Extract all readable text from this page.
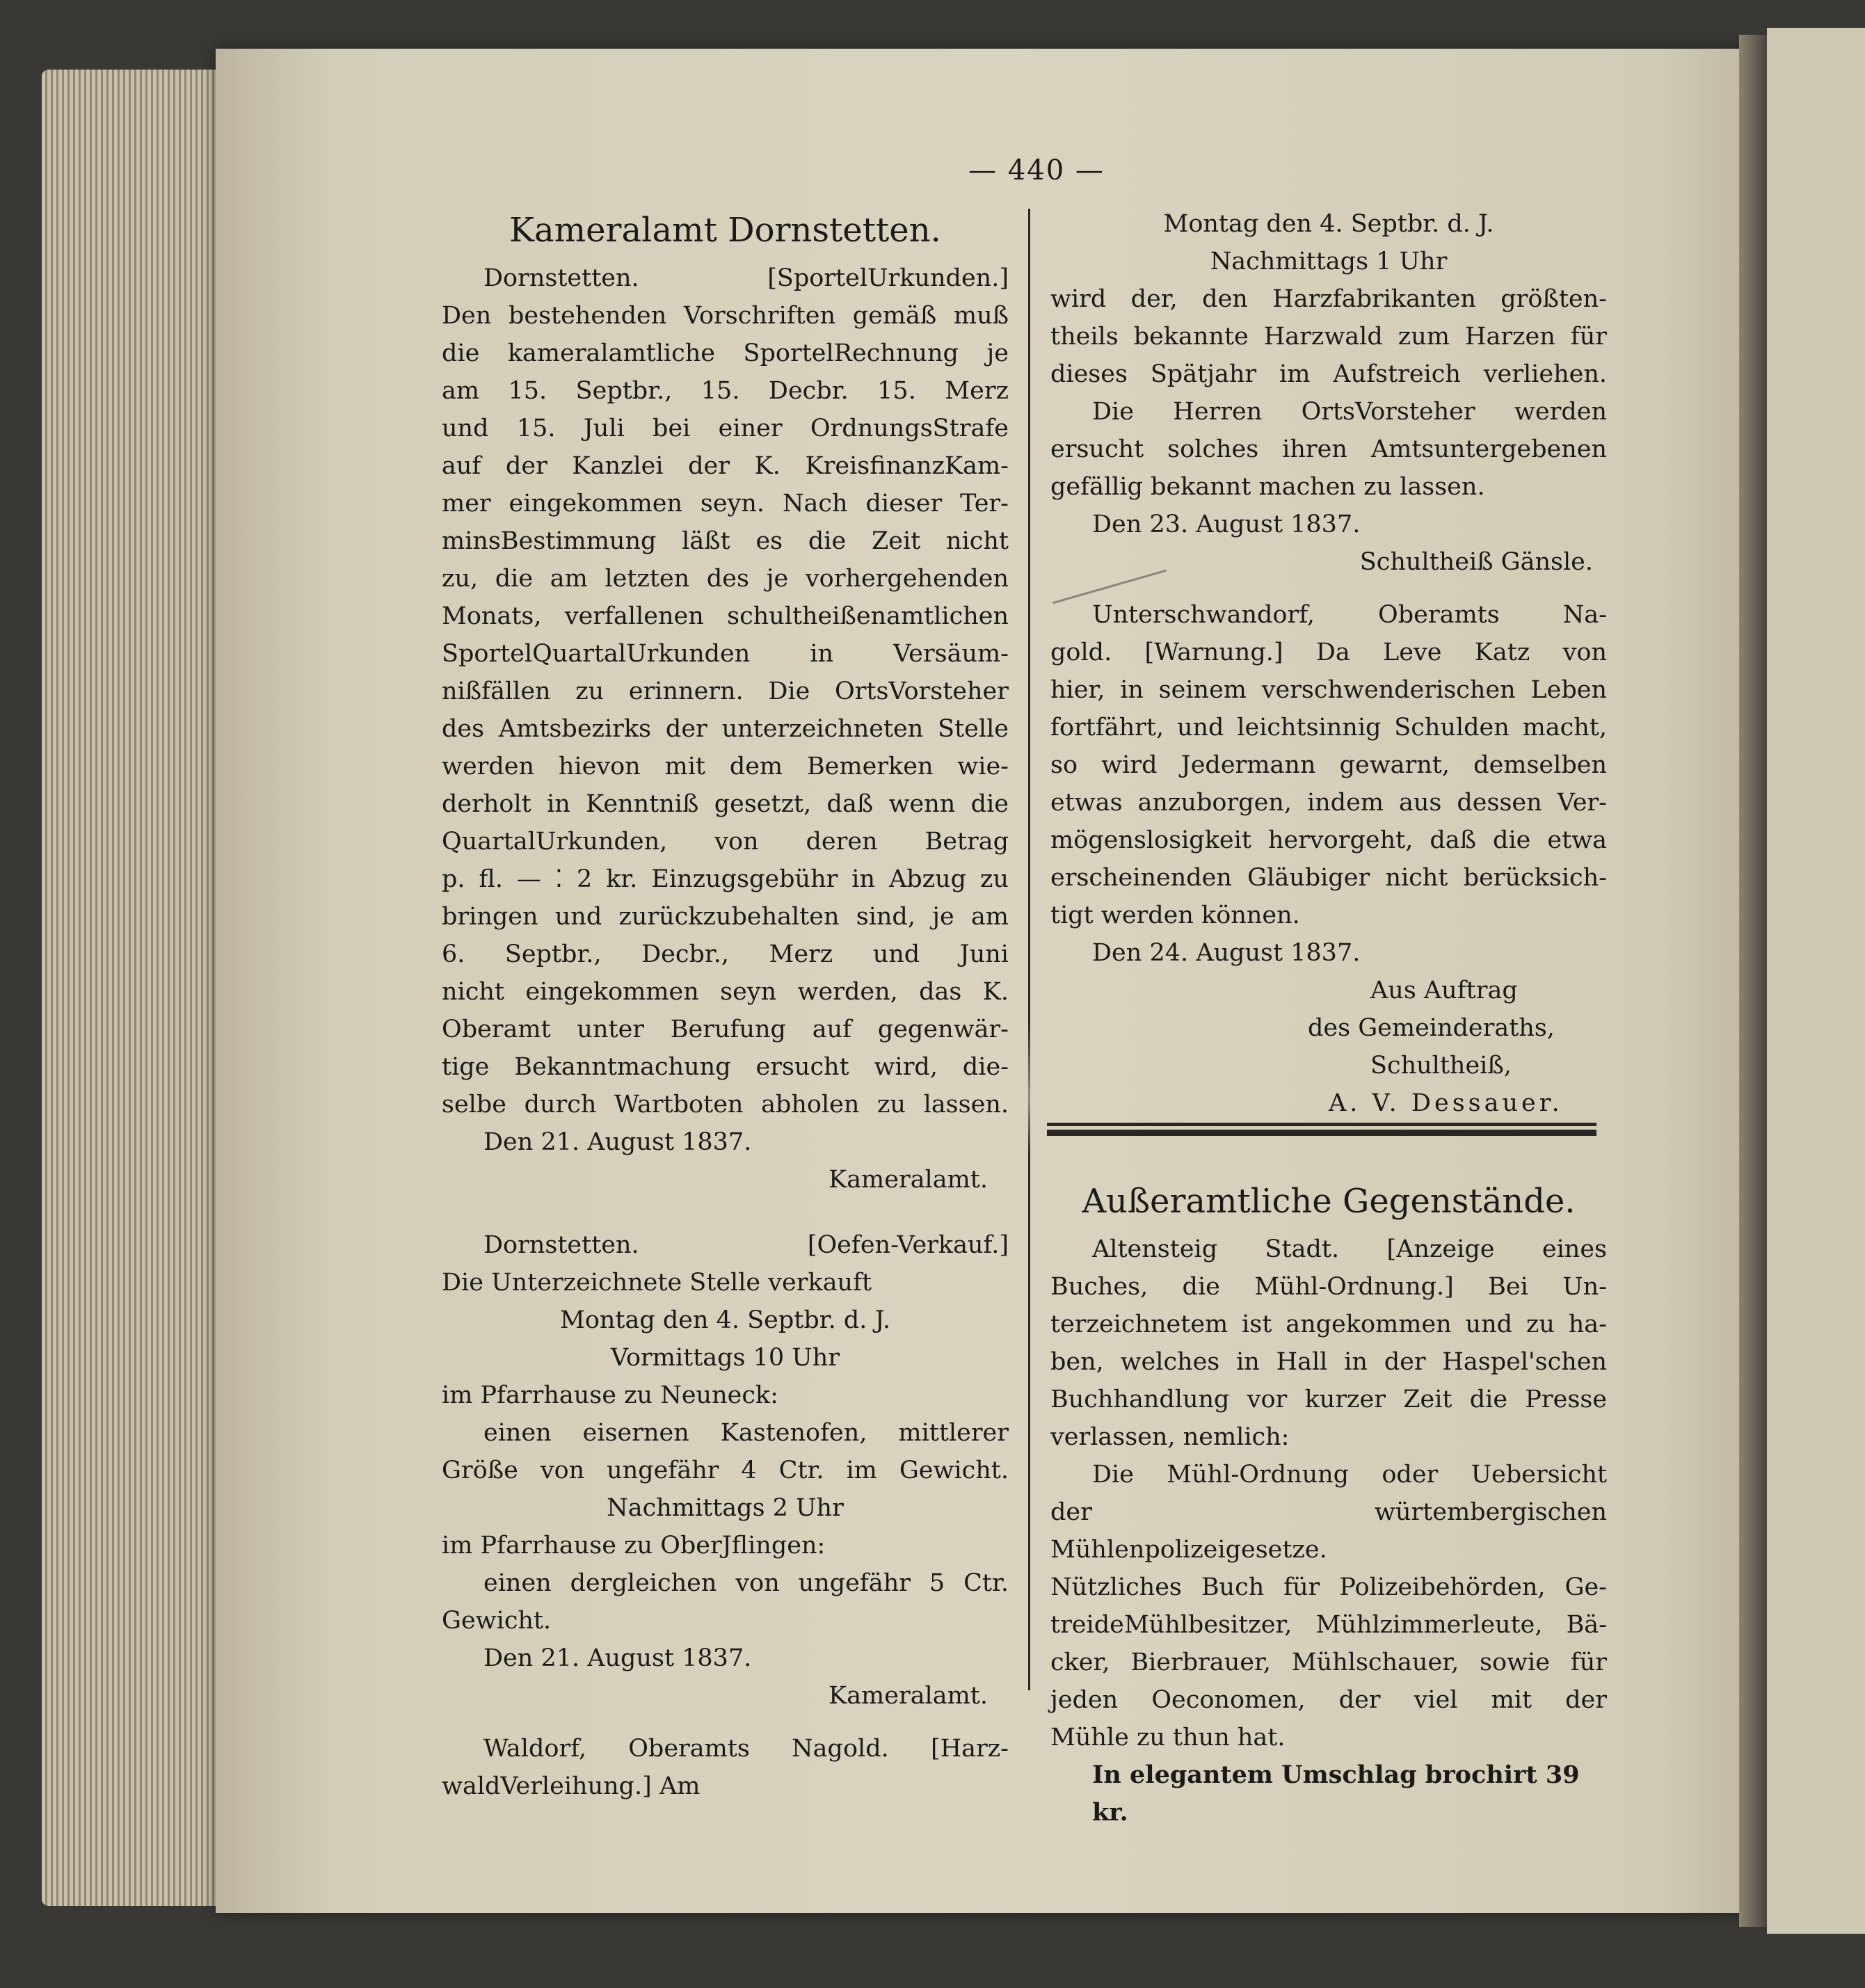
— 440 —

Kameralamt Dornstetten.

Dornstetten. [SportelUrkunden.]

Den bestehenden Vorschriften gemäß muß

die kameralamtliche SportelRechnung je

am 15. Septbr., 15. Decbr. 15. Merz

und 15. Juli bei einer OrdnungsStrafe

auf der Kanzlei der K. KreisfinanzKam-

mer eingekommen seyn. Nach dieser Ter-

minsBestimmung läßt es die Zeit nicht

zu, die am letzten des je vorhergehenden

Monats, verfallenen schultheißenamtlichen

SportelQuartalUrkunden in Versäum-

nißfällen zu erinnern. Die OrtsVorsteher

des Amtsbezirks der unterzeichneten Stelle

werden hievon mit dem Bemerken wie-

derholt in Kenntniß gesetzt, daß wenn die

QuartalUrkunden, von deren Betrag

p. fl. — ⁚ 2 kr. Einzugsgebühr in Abzug zu

bringen und zurückzubehalten sind, je am

6. Septbr., Decbr., Merz und Juni

nicht eingekommen seyn werden, das K.

Oberamt unter Berufung auf gegenwär-

tige Bekanntmachung ersucht wird, die-

selbe durch Wartboten abholen zu lassen.

Den 21. August 1837.

Kameralamt.

Dornstetten. [Oefen-Verkauf.]

Die Unterzeichnete Stelle verkauft

Montag den 4. Septbr. d. J.

Vormittags 10 Uhr

im Pfarrhause zu Neuneck:

einen eisernen Kastenofen, mittlerer

Größe von ungefähr 4 Ctr. im Gewicht.

Nachmittags 2 Uhr

im Pfarrhause zu OberJflingen:

einen dergleichen von ungefähr 5 Ctr.

Gewicht.

Den 21. August 1837.

Kameralamt.

Waldorf, Oberamts Nagold. [Harz-

waldVerleihung.] Am

Montag den 4. Septbr. d. J.

Nachmittags 1 Uhr

wird der, den Harzfabrikanten größten-

theils bekannte Harzwald zum Harzen für

dieses Spätjahr im Aufstreich verliehen.

Die Herren OrtsVorsteher werden

ersucht solches ihren Amtsuntergebenen

gefällig bekannt machen zu lassen.

Den 23. August 1837.

Schultheiß Gänsle.

Unterschwandorf, Oberamts Na-

gold. [Warnung.] Da Leve Katz von

hier, in seinem verschwenderischen Leben

fortfährt, und leichtsinnig Schulden macht,

so wird Jedermann gewarnt, demselben

etwas anzuborgen, indem aus dessen Ver-

mögenslosigkeit hervorgeht, daß die etwa

erscheinenden Gläubiger nicht berücksich-

tigt werden können.

Den 24. August 1837.

Aus Auftrag

des Gemeinderaths,

Schultheiß,

A. V. Dessauer.

Außeramtliche Gegenstände.

Altensteig Stadt. [Anzeige eines

Buches, die Mühl-Ordnung.] Bei Un-

terzeichnetem ist angekommen und zu ha-

ben, welches in Hall in der Haspel'schen

Buchhandlung vor kurzer Zeit die Presse

verlassen, nemlich:

Die Mühl-Ordnung oder Uebersicht

der würtembergischen Mühlenpolizeigesetze.

Nützliches Buch für Polizeibehörden, Ge-

treideMühlbesitzer, Mühlzimmerleute, Bä-

cker, Bierbrauer, Mühlschauer, sowie für

jeden Oeconomen, der viel mit der

Mühle zu thun hat.

In elegantem Umschlag brochirt 39 kr.
